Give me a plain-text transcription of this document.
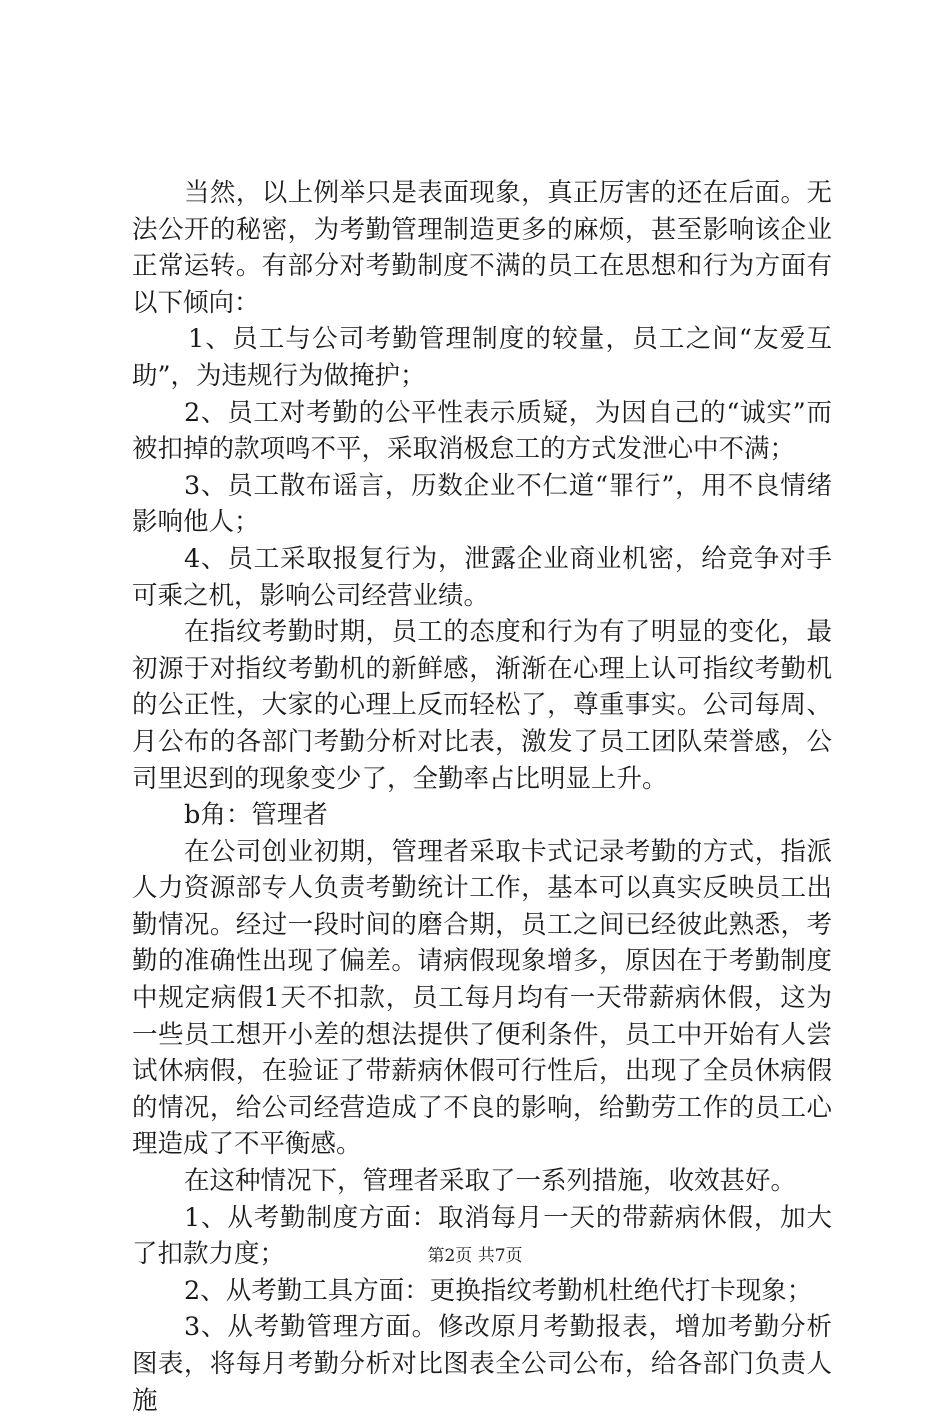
当然，以上例举只是表面现象，真正厉害的还在后面。无法公开的秘密，为考勤管理制造更多的麻烦，甚至影响该企业正常运转。有部分对考勤制度不满的员工在思想和行为方面有以下倾向：

1、员工与公司考勤管理制度的较量，员工之间“友爱互助”，为违规行为做掩护；

2、员工对考勤的公平性表示质疑，为因自己的“诚实”而被扣掉的款项鸣不平，采取消极怠工的方式发泄心中不满；

3、员工散布谣言，历数企业不仁道“罪行”，用不良情绪影响他人；

4、员工采取报复行为，泄露企业商业机密，给竞争对手可乘之机，影响公司经营业绩。

在指纹考勤时期，员工的态度和行为有了明显的变化，最初源于对指纹考勤机的新鲜感，渐渐在心理上认可指纹考勤机的公正性，大家的心理上反而轻松了，尊重事实。公司每周、月公布的各部门考勤分析对比表，激发了员工团队荣誉感，公司里迟到的现象变少了，全勤率占比明显上升。

b角：管理者

在公司创业初期，管理者采取卡式记录考勤的方式，指派人力资源部专人负责考勤统计工作，基本可以真实反映员工出勤情况。经过一段时间的磨合期，员工之间已经彼此熟悉，考勤的准确性出现了偏差。请病假现象增多，原因在于考勤制度中规定病假1天不扣款，员工每月均有一天带薪病休假，这为一些员工想开小差的想法提供了便利条件，员工中开始有人尝试休病假，在验证了带薪病休假可行性后，出现了全员休病假的情况，给公司经营造成了不良的影响，给勤劳工作的员工心理造成了不平衡感。

在这种情况下，管理者采取了一系列措施，收效甚好。

1、从考勤制度方面：取消每月一天的带薪病休假，加大了扣款力度；

2、从考勤工具方面：更换指纹考勤机杜绝代打卡现象；

3、从考勤管理方面。修改原月考勤报表，增加考勤分析图表，将每月考勤分析对比图表全公司公布，给各部门负责人施

第2页 共7页
